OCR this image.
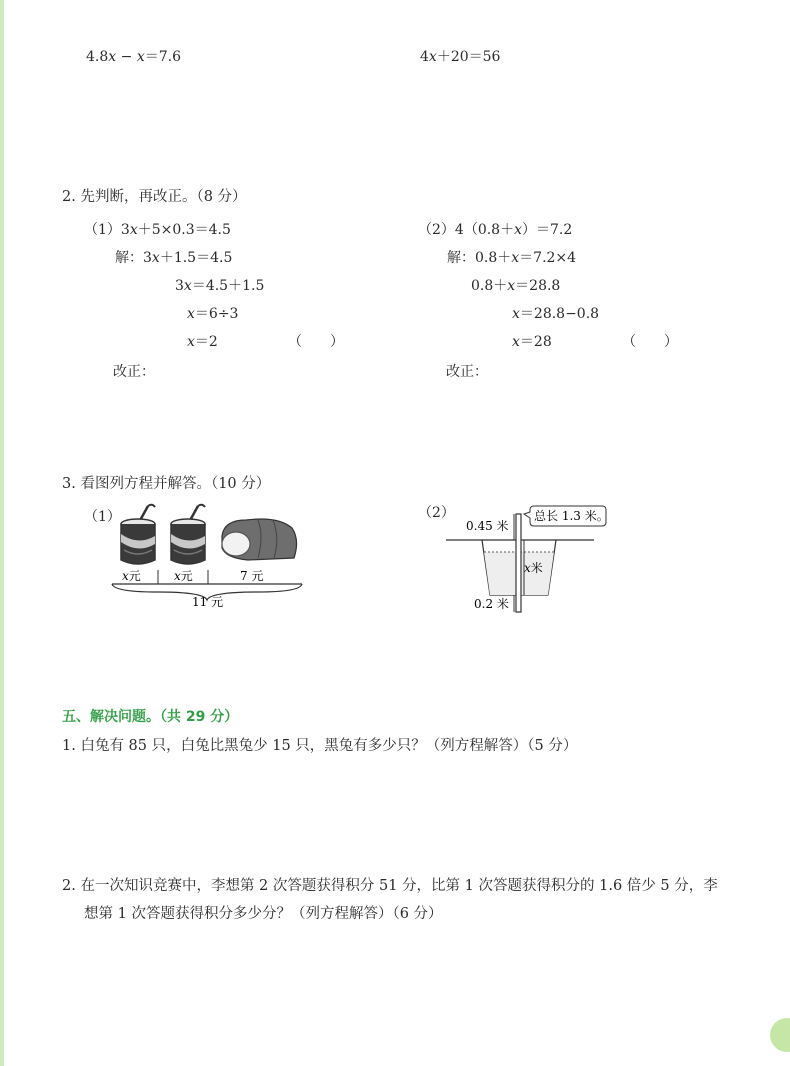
4.8x − x＝7.6	4x＋20＝56
2. 先判断，再改正。（8 分）
（1）3x＋5×0.3＝4.5
解：3x＋1.5＝4.5
3x＝4.5＋1.5
x＝6÷3
x＝2	（　　）
改正：
（2）4（0.8＋x）＝7.2
解：0.8＋x＝7.2×4
0.8＋x＝28.8
x＝28.8−0.8
x＝28	（　　）
改正：
3. 看图列方程并解答。（10 分）
（1）
x元	x元	7 元
11 元
（2）
0.45 米
x米
0.2 米
总长 1.3 米。
五、解决问题。（共 29 分）
1. 白兔有 85 只，白兔比黑兔少 15 只，黑兔有多少只？（列方程解答）（5 分）
2. 在一次知识竞赛中，李想第 2 次答题获得积分 51 分，比第 1 次答题获得积分的 1.6 倍少 5 分，李
想第 1 次答题获得积分多少分？（列方程解答）（6 分）
